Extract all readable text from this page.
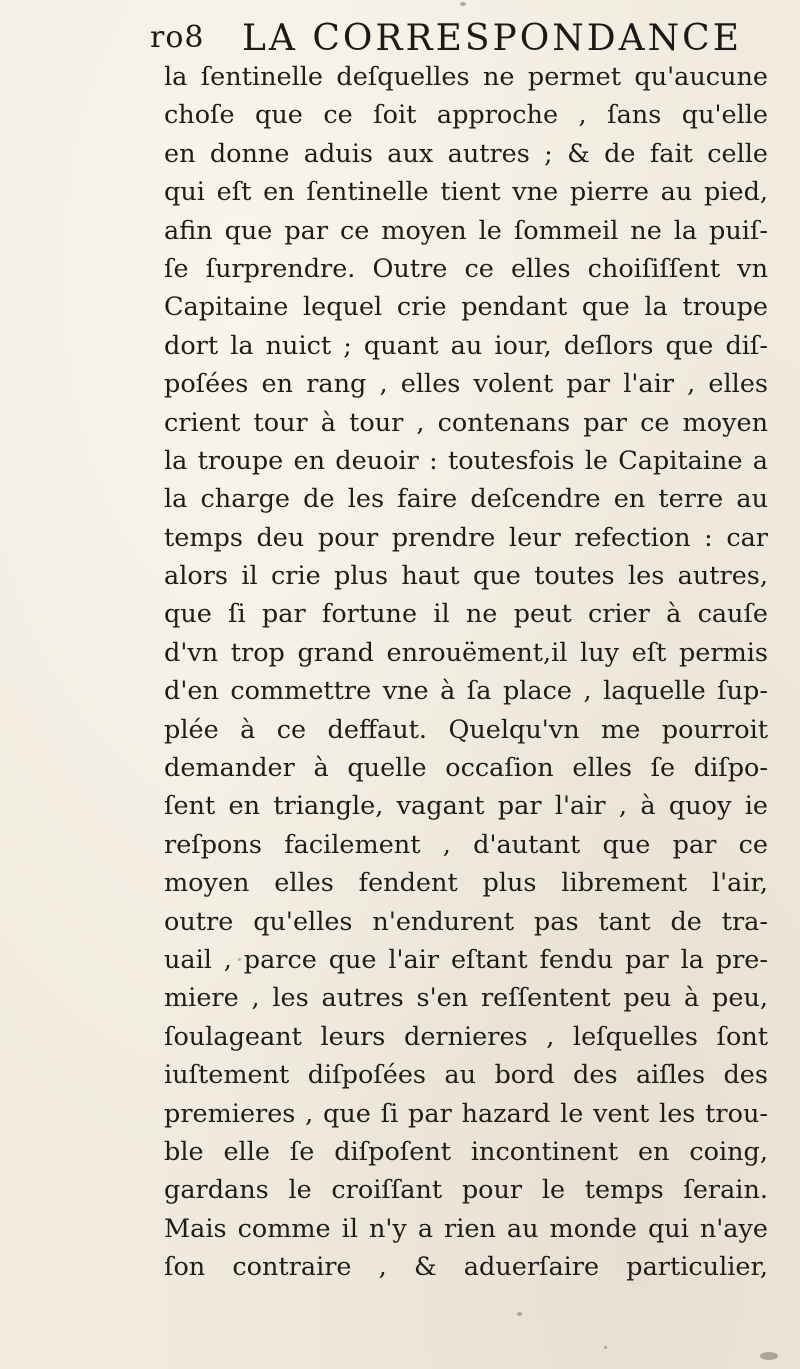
ro8 LA CORRESPONDANCE
la ſentinelle deſquelles ne permet qu'aucune
choſe que ce ſoit approche , ſans qu'elle
en donne aduis aux autres ; & de fait celle
qui eſt en ſentinelle tient vne pierre au pied,
afin que par ce moyen le ſommeil ne la puiſ-
ſe ſurprendre. Outre ce elles choiſiſſent vn
Capitaine lequel crie pendant que la troupe
dort la nuict ; quant au iour, deſlors que diſ-
poſées en rang , elles volent par l'air , elles
crient tour à tour , contenans par ce moyen
la troupe en deuoir : toutesfois le Capitaine a
la charge de les faire deſcendre en terre au
temps deu pour prendre leur refection : car
alors il crie plus haut que toutes les autres,
que ſi par fortune il ne peut crier à cauſe
d'vn trop grand enrouëment,il luy eſt permis
d'en commettre vne à ſa place , laquelle ſup-
plée à ce deffaut. Quelqu'vn me pourroit
demander à quelle occaſion elles ſe diſpo-
ſent en triangle, vagant par l'air , à quoy ie
reſpons facilement , d'autant que par ce
moyen elles fendent plus librement l'air,
outre qu'elles n'endurent pas tant de tra-
uail , parce que l'air eſtant fendu par la pre-
miere , les autres s'en reſſentent peu à peu,
ſoulageant leurs dernieres , leſquelles ſont
iuſtement diſpoſées au bord des aiſles des
premieres , que ſi par hazard le vent les trou-
ble elle ſe diſpoſent incontinent en coing,
gardans le croiſſant pour le temps ſerain.
Mais comme il n'y a rien au monde qui n'aye
ſon contraire , & aduerſaire particulier,
